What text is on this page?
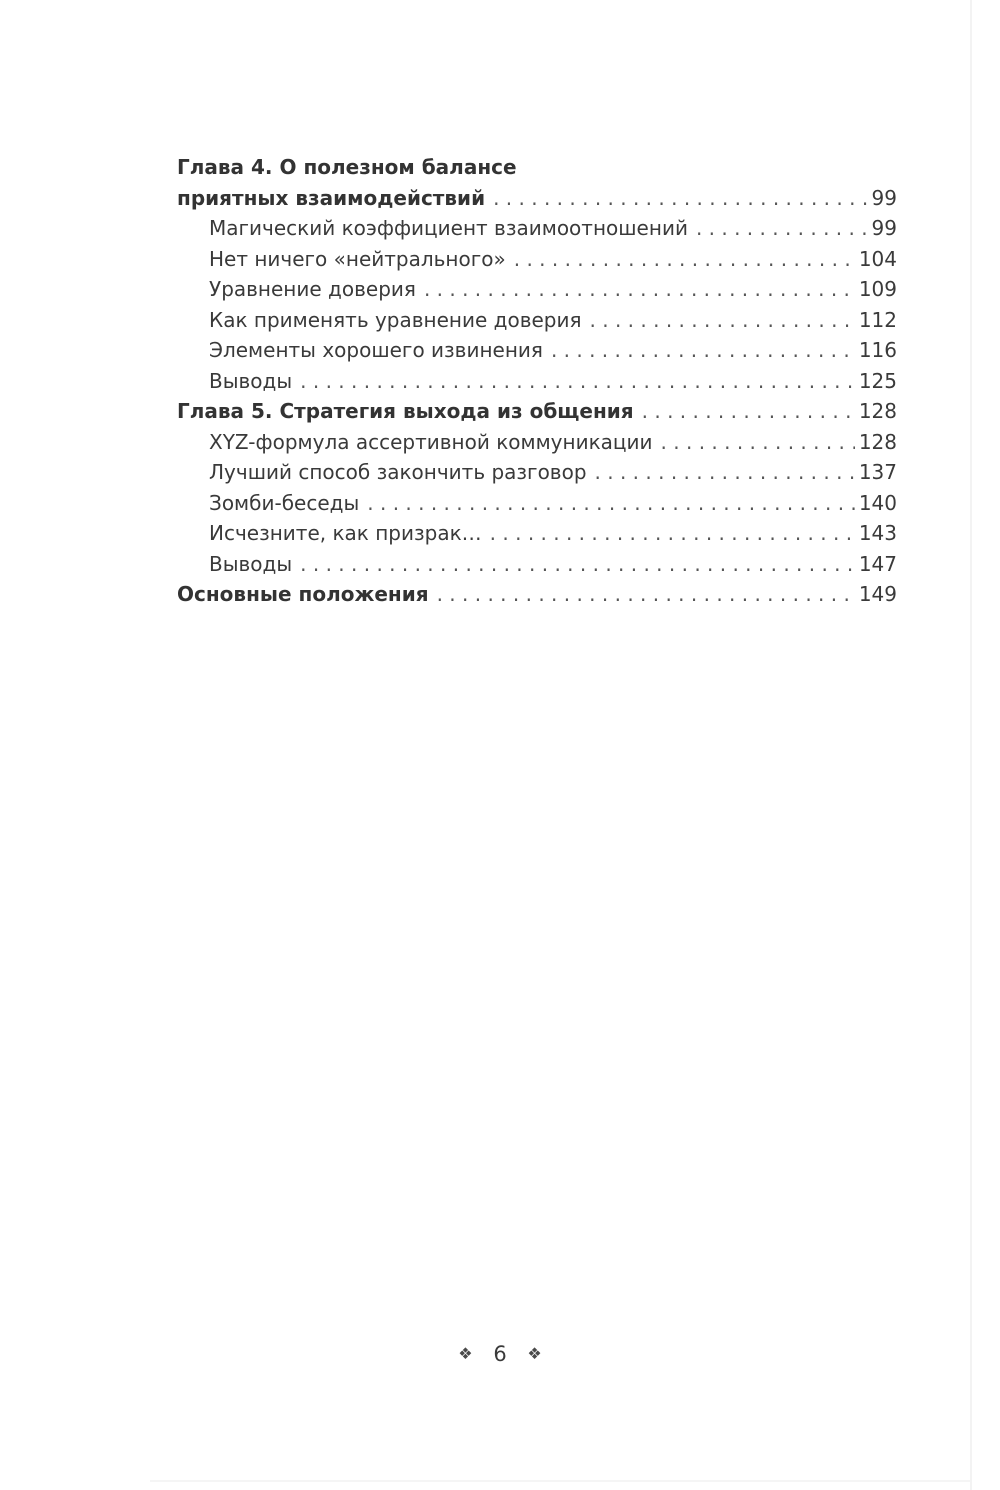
Глава 4. О полезном балансе
приятных взаимодействий . . .	99
Магический коэффициент взаимоотношений . . .	99
Нет ничего «нейтрального» . . .	104
Уравнение доверия . . .	109
Как применять уравнение доверия . . .	112
Элементы хорошего извинения . . .	116
Выводы . . .	125
Глава 5. Стратегия выхода из общения . . .	128
XYZ-формула ассертивной коммуникации . . .	128
Лучший способ закончить разговор . . .	137
Зомби-беседы . . .	140
Исчезните, как призрак… . . .	143
Выводы . . .	147
Основные положения . . .	149
❖ 6 ❖
